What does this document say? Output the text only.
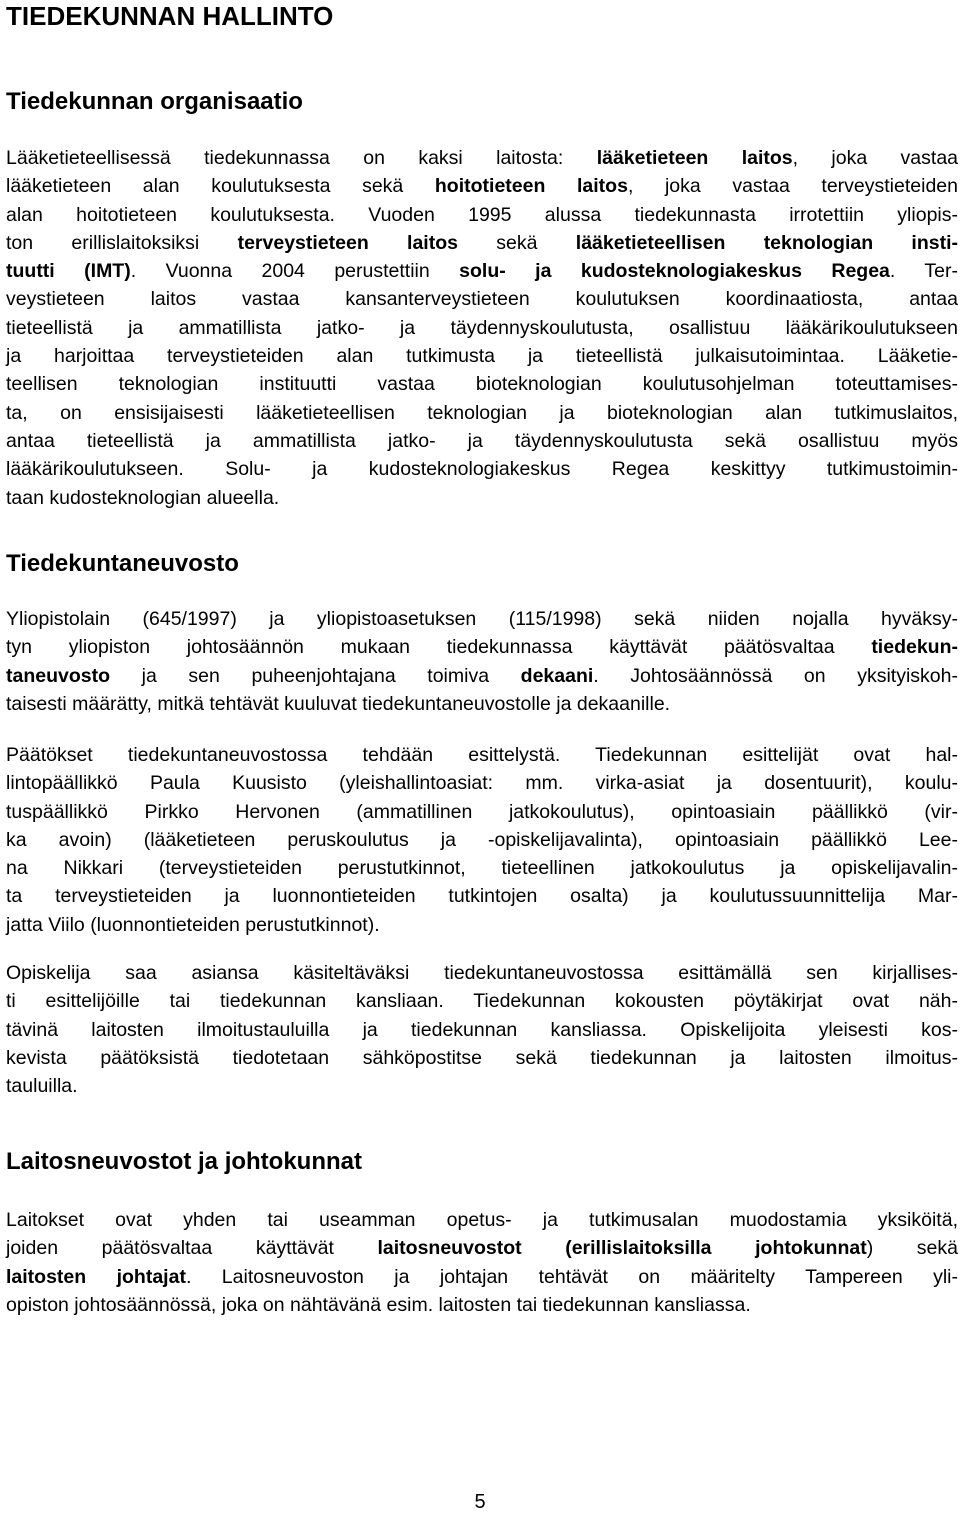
TIEDEKUNNAN HALLINTO
Tiedekunnan organisaatio
Lääketieteellisessä tiedekunnassa on kaksi laitosta: lääketieteen laitos, joka vastaa
lääketieteen alan koulutuksesta sekä hoitotieteen laitos, joka vastaa terveystieteiden
alan hoitotieteen koulutuksesta. Vuoden 1995 alussa tiedekunnasta irrotettiin yliopis-
ton erillislaitoksiksi terveystieteen laitos sekä lääketieteellisen teknologian insti-
tuutti (IMT). Vuonna 2004 perustettiin solu- ja kudosteknologiakeskus Regea. Ter-
veystieteen laitos vastaa kansanterveystieteen koulutuksen koordinaatiosta, antaa
tieteellistä ja ammatillista jatko- ja täydennyskoulutusta, osallistuu lääkärikoulutukseen
ja harjoittaa terveystieteiden alan tutkimusta ja tieteellistä julkaisutoimintaa. Lääketie-
teellisen teknologian instituutti vastaa bioteknologian koulutusohjelman toteuttamises-
ta, on ensisijaisesti lääketieteellisen teknologian ja bioteknologian alan tutkimuslaitos,
antaa tieteellistä ja ammatillista jatko- ja täydennyskoulutusta sekä osallistuu myös
lääkärikoulutukseen. Solu- ja kudosteknologiakeskus Regea keskittyy tutkimustoimin-
taan kudosteknologian alueella.
Tiedekuntaneuvosto
Yliopistolain (645/1997) ja yliopistoasetuksen (115/1998) sekä niiden nojalla hyväksy-
tyn yliopiston johtosäännön mukaan tiedekunnassa käyttävät päätösvaltaa tiedekun-
taneuvosto ja sen puheenjohtajana toimiva dekaani. Johtosäännössä on yksityiskoh-
taisesti määrätty, mitkä tehtävät kuuluvat tiedekuntaneuvostolle ja dekaanille.
Päätökset tiedekuntaneuvostossa tehdään esittelystä. Tiedekunnan esittelijät ovat hal-
lintopäällikkö Paula Kuusisto (yleishallintoasiat: mm. virka-asiat ja dosentuurit), koulu-
tuspäällikkö Pirkko Hervonen (ammatillinen jatkokoulutus), opintoasiain päällikkö (vir-
ka avoin) (lääketieteen peruskoulutus ja -opiskelijavalinta), opintoasiain päällikkö Lee-
na Nikkari (terveystieteiden perustutkinnot, tieteellinen jatkokoulutus ja opiskelijavalin-
ta terveystieteiden ja luonnontieteiden tutkintojen osalta) ja koulutussuunnittelija Mar-
jatta Viilo (luonnontieteiden perustutkinnot).
Opiskelija saa asiansa käsiteltäväksi tiedekuntaneuvostossa esittämällä sen kirjallises-
ti esittelijöille tai tiedekunnan kansliaan. Tiedekunnan kokousten pöytäkirjat ovat näh-
tävinä laitosten ilmoitustauluilla ja tiedekunnan kansliassa. Opiskelijoita yleisesti kos-
kevista päätöksistä tiedotetaan sähköpostitse sekä tiedekunnan ja laitosten ilmoitus-
tauluilla.
Laitosneuvostot ja johtokunnat
Laitokset ovat yhden tai useamman opetus- ja tutkimusalan muodostamia yksiköitä,
joiden päätösvaltaa käyttävät laitosneuvostot (erillislaitoksilla johtokunnat) sekä
laitosten johtajat. Laitosneuvoston ja johtajan tehtävät on määritelty Tampereen yli-
opiston johtosäännössä, joka on nähtävänä esim. laitosten tai tiedekunnan kansliassa.
5
